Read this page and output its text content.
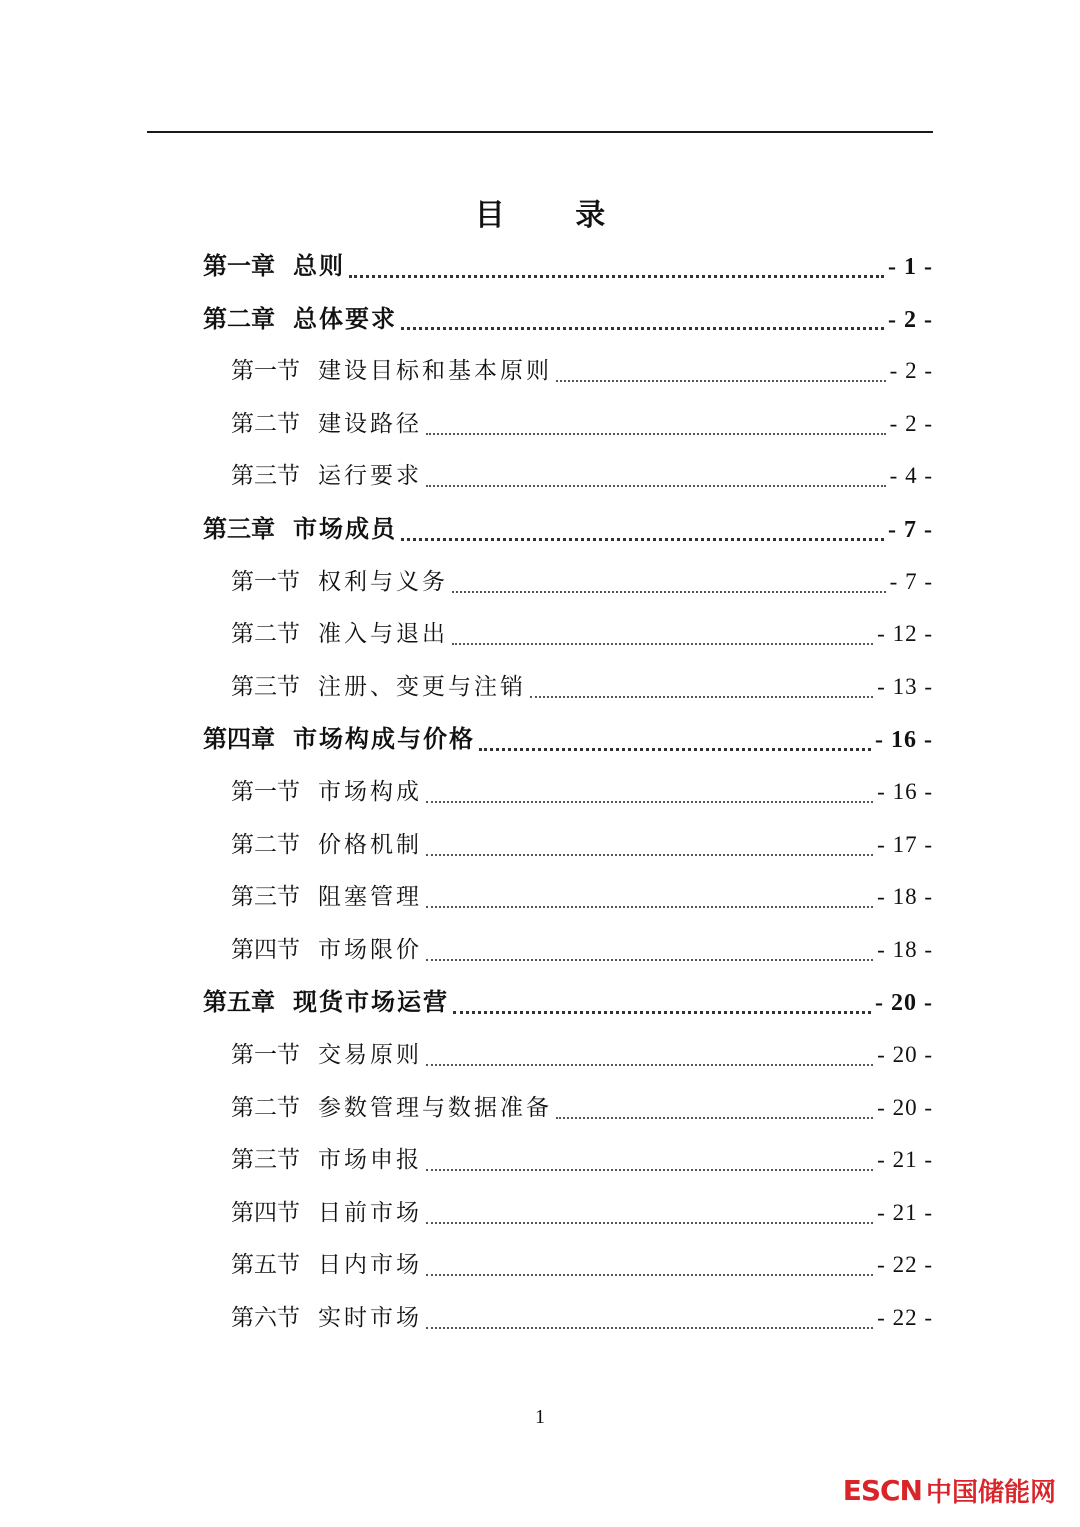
目 录
第一章 总则	- 1 -
第二章 总体要求	- 2 -
第一节 建设目标和基本原则	- 2 -
第二节 建设路径	- 2 -
第三节 运行要求	- 4 -
第三章 市场成员	- 7 -
第一节 权利与义务	- 7 -
第二节 准入与退出	- 12 -
第三节 注册、变更与注销	- 13 -
第四章 市场构成与价格	- 16 -
第一节 市场构成	- 16 -
第二节 价格机制	- 17 -
第三节 阻塞管理	- 18 -
第四节 市场限价	- 18 -
第五章 现货市场运营	- 20 -
第一节 交易原则	- 20 -
第二节 参数管理与数据准备	- 20 -
第三节 市场申报	- 21 -
第四节 日前市场	- 21 -
第五节 日内市场	- 22 -
第六节 实时市场	- 22 -
1
ESCN 中国储能网
